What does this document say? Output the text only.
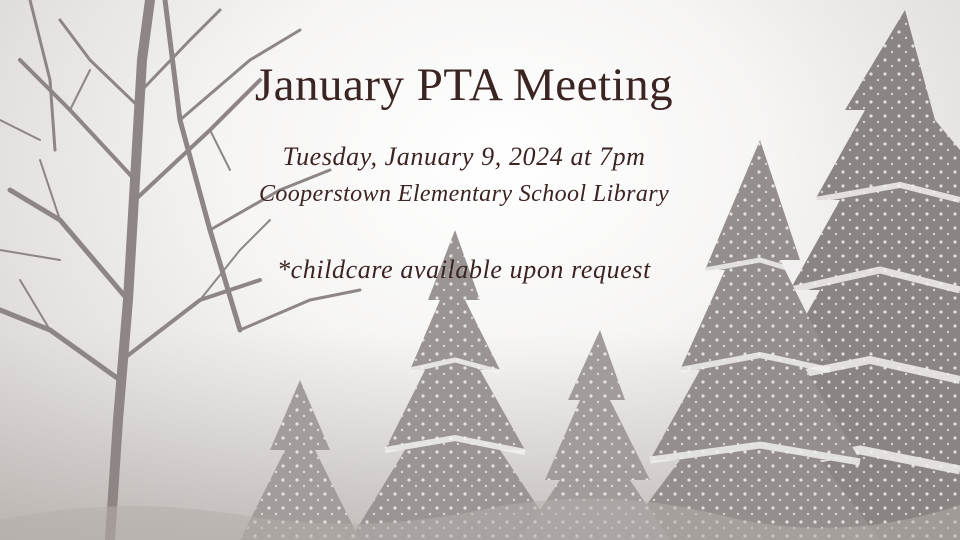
January PTA Meeting
Tuesday, January 9, 2024 at 7pm
Cooperstown Elementary School Library
*childcare available upon request
